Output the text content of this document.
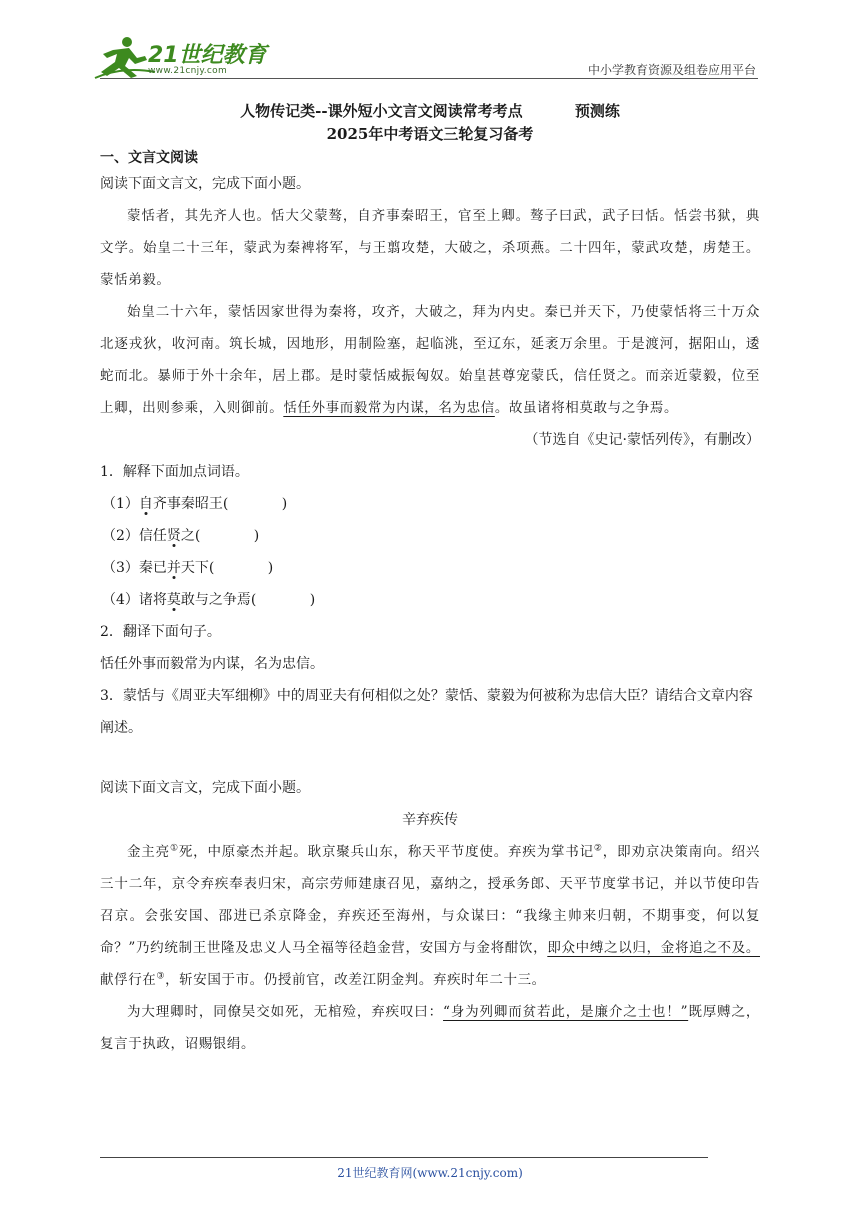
21世纪教育
www.21cnjy.com	中小学教育资源及组卷应用平台
人物传记类--课外短小文言文阅读常考考点	预测练
2025年中考语文三轮复习备考

一、文言文阅读

阅读下面文言文，完成下面小题。

蒙恬者，其先齐人也。恬大父蒙骜，自齐事秦昭王，官至上卿。骜子曰武，武子曰恬。恬尝书狱，典文学。始皇二十三年，蒙武为秦裨将军，与王翦攻楚，大破之，杀项燕。二十四年，蒙武攻楚，虏楚王。蒙恬弟毅。

始皇二十六年，蒙恬因家世得为秦将，攻齐，大破之，拜为内史。秦已并天下，乃使蒙恬将三十万众北逐戎狄，收河南。筑长城，因地形，用制险塞，起临洮，至辽东，延袤万余里。于是渡河，据阳山，逶蛇而北。暴师于外十余年，居上郡。是时蒙恬威振匈奴。始皇甚尊宠蒙氏，信任贤之。而亲近蒙毅，位至上卿，出则参乘，入则御前。恬任外事而毅常为内谋，名为忠信。故虽诸将相莫敢与之争焉。

（节选自《史记·蒙恬列传》，有删改）

1．解释下面加点词语。

（1）自齐事秦昭王(	)

（2）信任贤之(	)

（3）秦已并天下(	)

（4）诸将莫敢与之争焉(	)

2．翻译下面句子。

恬任外事而毅常为内谋，名为忠信。

3．蒙恬与《周亚夫军细柳》中的周亚夫有何相似之处？蒙恬、蒙毅为何被称为忠信大臣？请结合文章内容阐述。

阅读下面文言文，完成下面小题。

辛弃疾传

金主亮①死，中原豪杰并起。耿京聚兵山东，称天平节度使。弃疾为掌书记②，即劝京决策南向。绍兴三十二年，京令弃疾奉表归宋，高宗劳师建康召见，嘉纳之，授承务郎、天平节度掌书记，并以节使印告召京。会张安国、邵进已杀京降金，弃疾还至海州，与众谋曰：“我缘主帅来归朝，不期事变，何以复命？”乃约统制王世隆及忠义人马全福等径趋金营，安国方与金将酣饮，即众中缚之以归，金将追之不及。献俘行在③，斩安国于市。仍授前官，改差江阴金判。弃疾时年二十三。

为大理卿时，同僚吴交如死，无棺殓，弃疾叹曰：“身为列卿而贫若此，是廉介之士也！”既厚赙之，复言于执政，诏赐银绢。

21世纪教育网(www.21cnjy.com)
